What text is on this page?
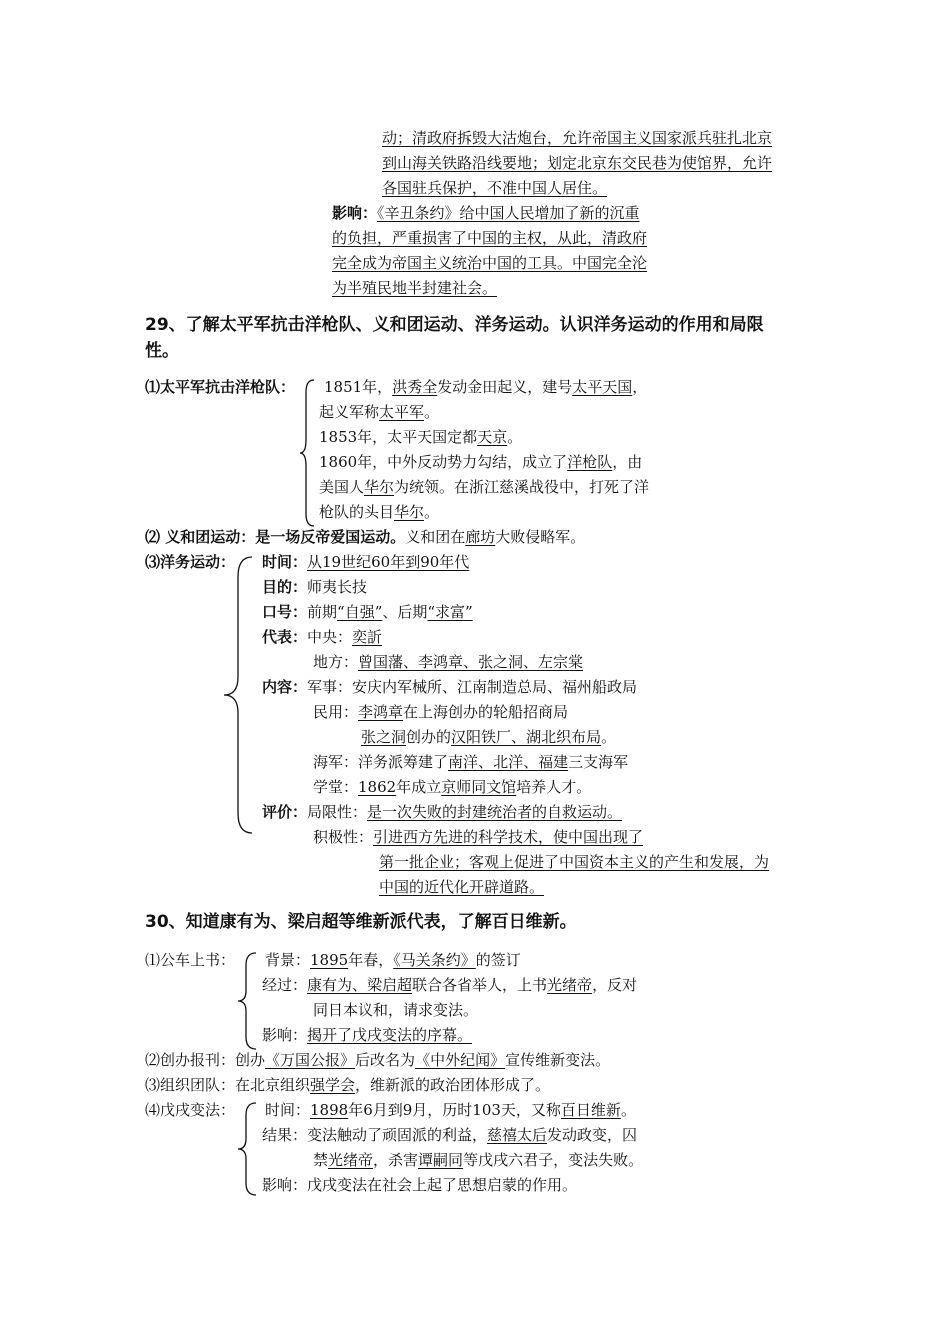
动；清政府拆毁大沽炮台，允许帝国主义国家派兵驻扎北京
到山海关铁路沿线要地；划定北京东交民巷为使馆界，允许
各国驻兵保护，不准中国人居住。
影响：《辛丑条约》给中国人民增加了新的沉重
的负担，严重损害了中国的主权，从此，清政府
完全成为帝国主义统治中国的工具。中国完全沦
为半殖民地半封建社会。
29、了解太平军抗击洋枪队、义和团运动、洋务运动。认识洋务运动的作用和局限
性。
⑴太平军抗击洋枪队： 1851年，洪秀全发动金田起义，建号太平天国，
起义军称太平军。
1853年，太平天国定都天京。
1860年，中外反动势力勾结，成立了洋枪队，由
美国人华尔为统领。在浙江慈溪战役中，打死了洋
枪队的头目华尔。
⑵ 义和团运动：是一场反帝爱国运动。义和团在廊坊大败侵略军。
⑶洋务运动： 时间：从19世纪60年到90年代
目的：师夷长技
口号：前期“自强”、后期“求富”
代表：中央：奕訢
地方：曾国藩、李鸿章、张之洞、左宗棠
内容：军事：安庆内军械所、江南制造总局、福州船政局
民用：李鸿章在上海创办的轮船招商局
张之洞创办的汉阳铁厂、湖北织布局。
海军：洋务派筹建了南洋、北洋、福建三支海军
学堂：1862年成立京师同文馆培养人才。
评价：局限性：是一次失败的封建统治者的自救运动。
积极性：引进西方先进的科学技术，使中国出现了
第一批企业；客观上促进了中国资本主义的产生和发展，为
中国的近代化开辟道路。
30、知道康有为、梁启超等维新派代表，了解百日维新。
⑴公车上书： 背景：1895年春，《马关条约》的签订
经过：康有为、梁启超联合各省举人，上书光绪帝，反对
同日本议和，请求变法。
影响：揭开了戊戌变法的序幕。
⑵创办报刊：创办《万国公报》后改名为《中外纪闻》宣传维新变法。
⑶组织团队：在北京组织强学会，维新派的政治团体形成了。
⑷戊戌变法： 时间：1898年6月到9月，历时103天，又称百日维新。
结果：变法触动了顽固派的利益，慈禧太后发动政变，囚
禁光绪帝，杀害谭嗣同等戊戌六君子，变法失败。
影响：戊戌变法在社会上起了思想启蒙的作用。
